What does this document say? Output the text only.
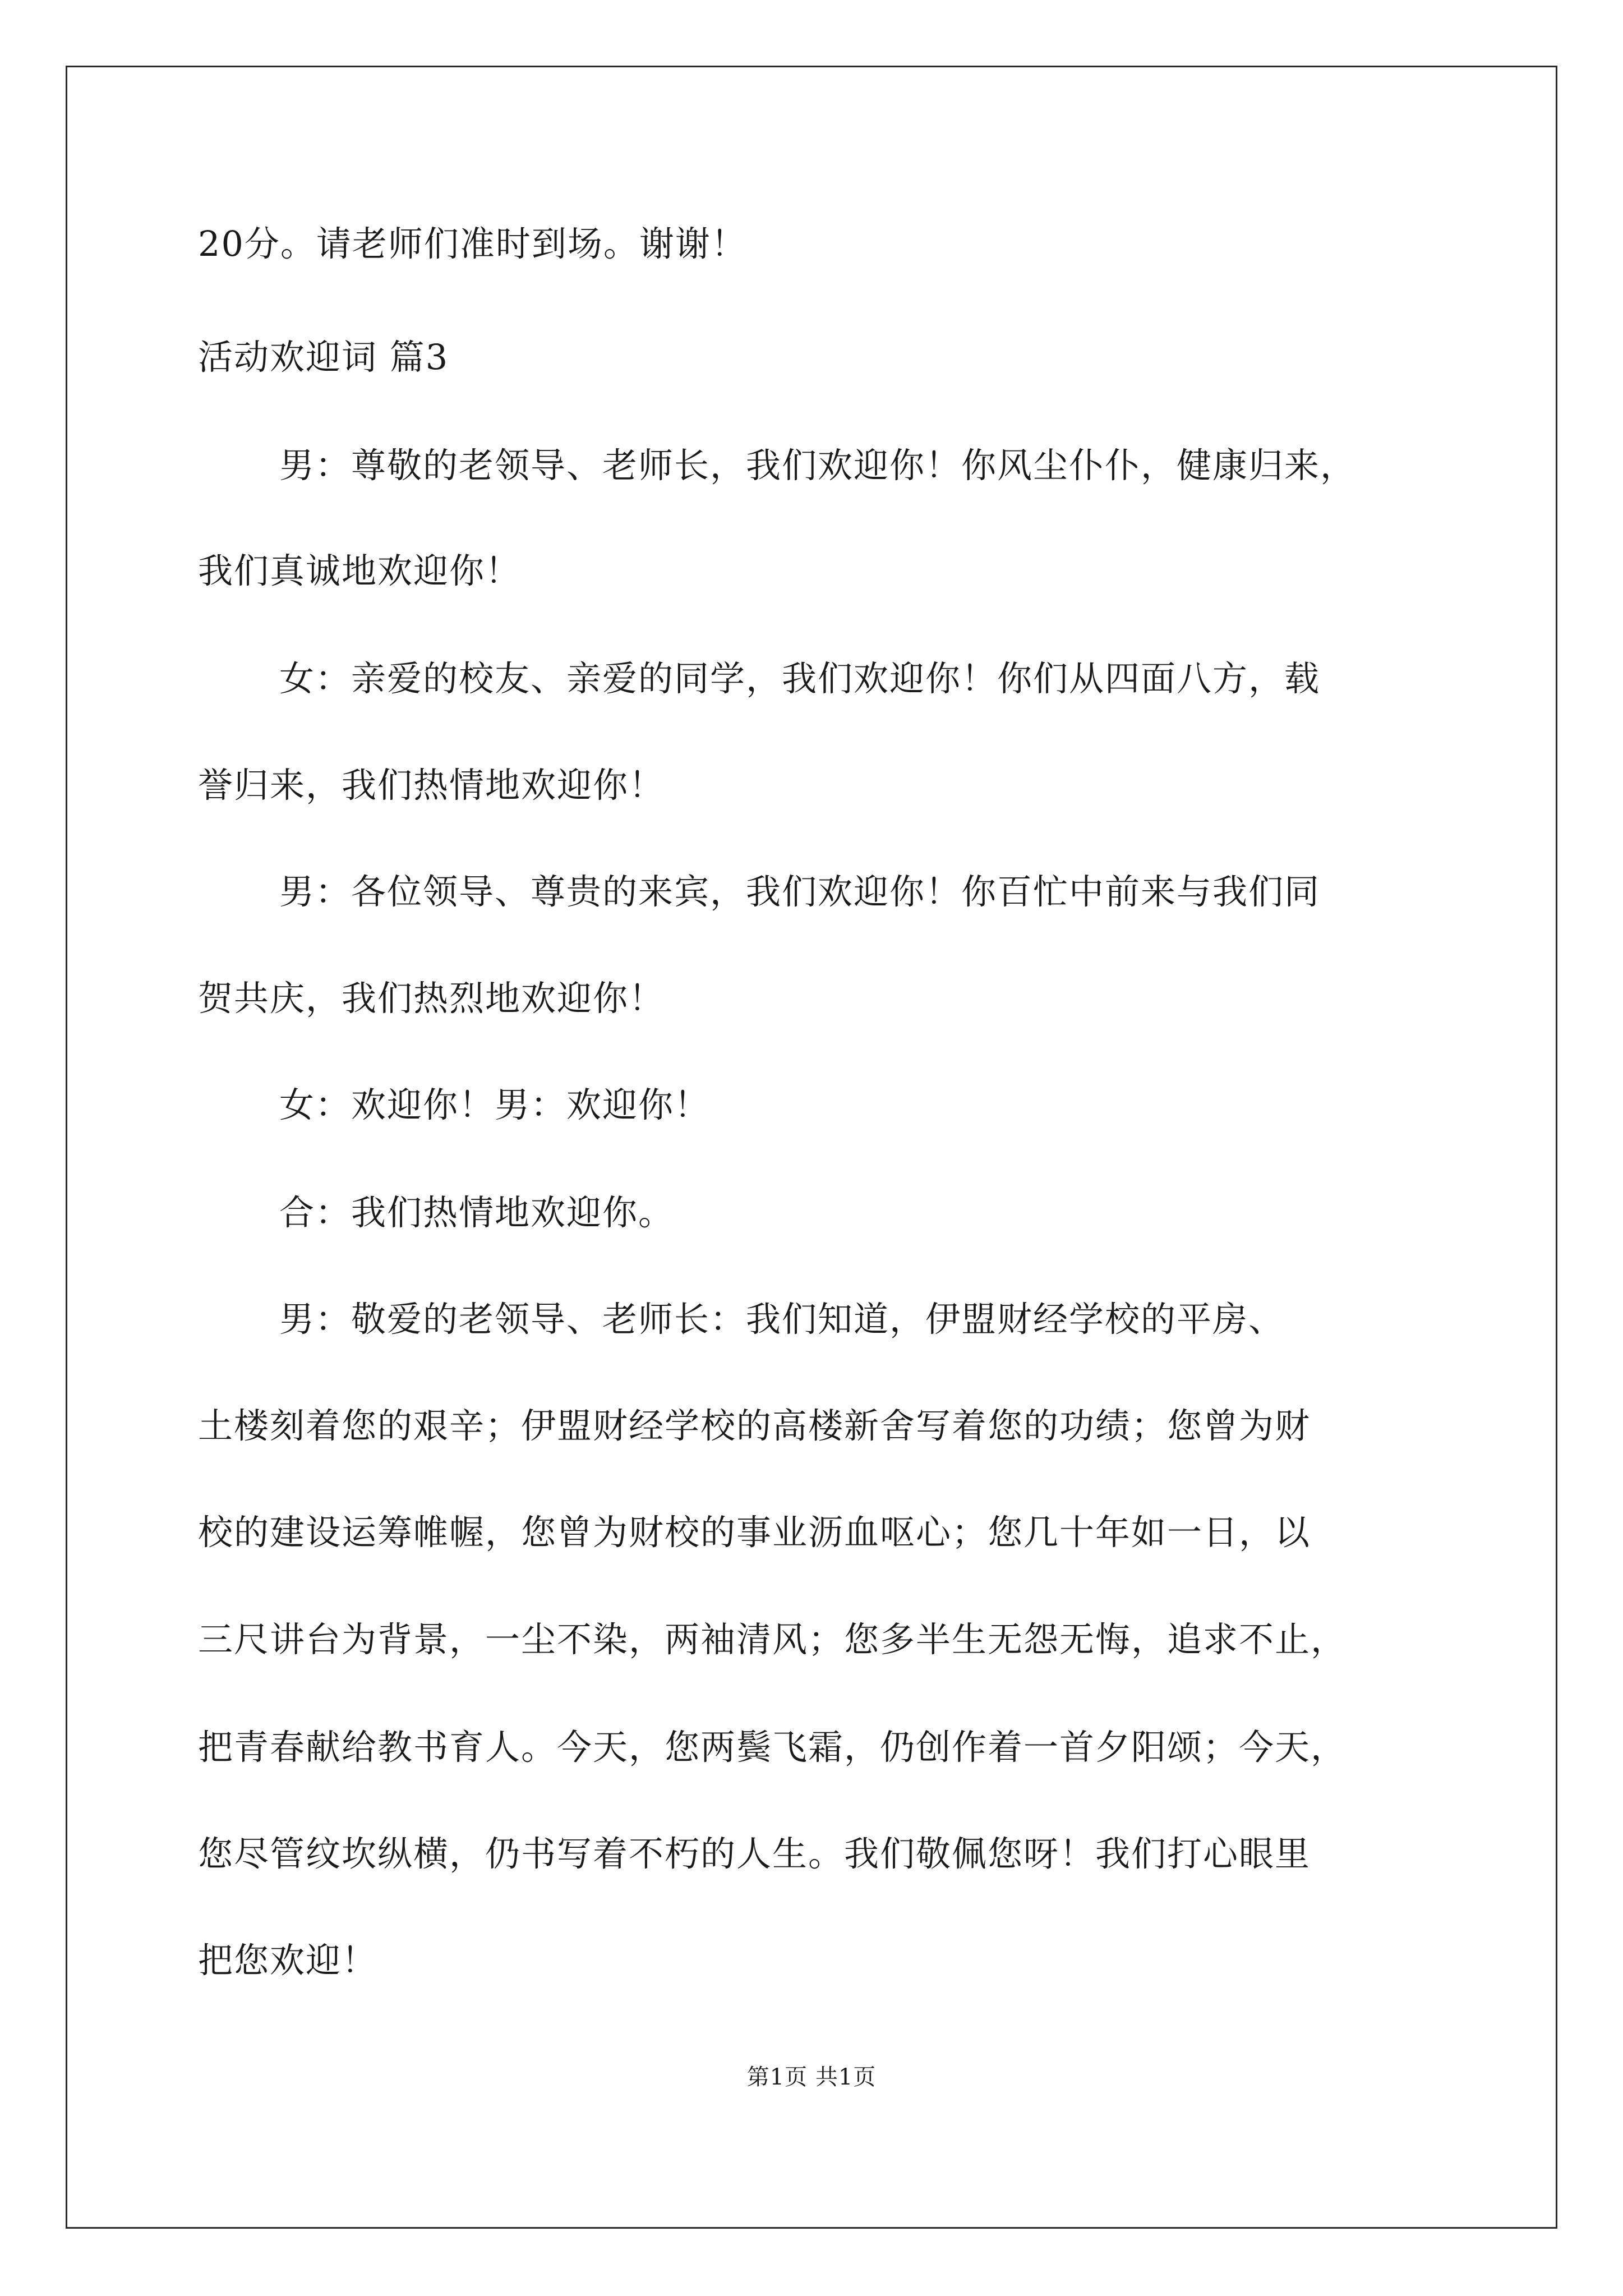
20分。请老师们准时到场。谢谢！
活动欢迎词 篇3
男：尊敬的老领导、老师长，我们欢迎你！你风尘仆仆，健康归来，
我们真诚地欢迎你！
女：亲爱的校友、亲爱的同学，我们欢迎你！你们从四面八方，载
誉归来，我们热情地欢迎你！
男：各位领导、尊贵的来宾，我们欢迎你！你百忙中前来与我们同
贺共庆，我们热烈地欢迎你！
女：欢迎你！男：欢迎你！
合：我们热情地欢迎你。
男：敬爱的老领导、老师长：我们知道，伊盟财经学校的平房、
土楼刻着您的艰辛；伊盟财经学校的高楼新舍写着您的功绩；您曾为财
校的建设运筹帷幄，您曾为财校的事业沥血呕心；您几十年如一日，以
三尺讲台为背景，一尘不染，两袖清风；您多半生无怨无悔，追求不止，
把青春献给教书育人。今天，您两鬓飞霜，仍创作着一首夕阳颂；今天，
您尽管纹坎纵横，仍书写着不朽的人生。我们敬佩您呀！我们打心眼里
把您欢迎！
第1页 共1页
